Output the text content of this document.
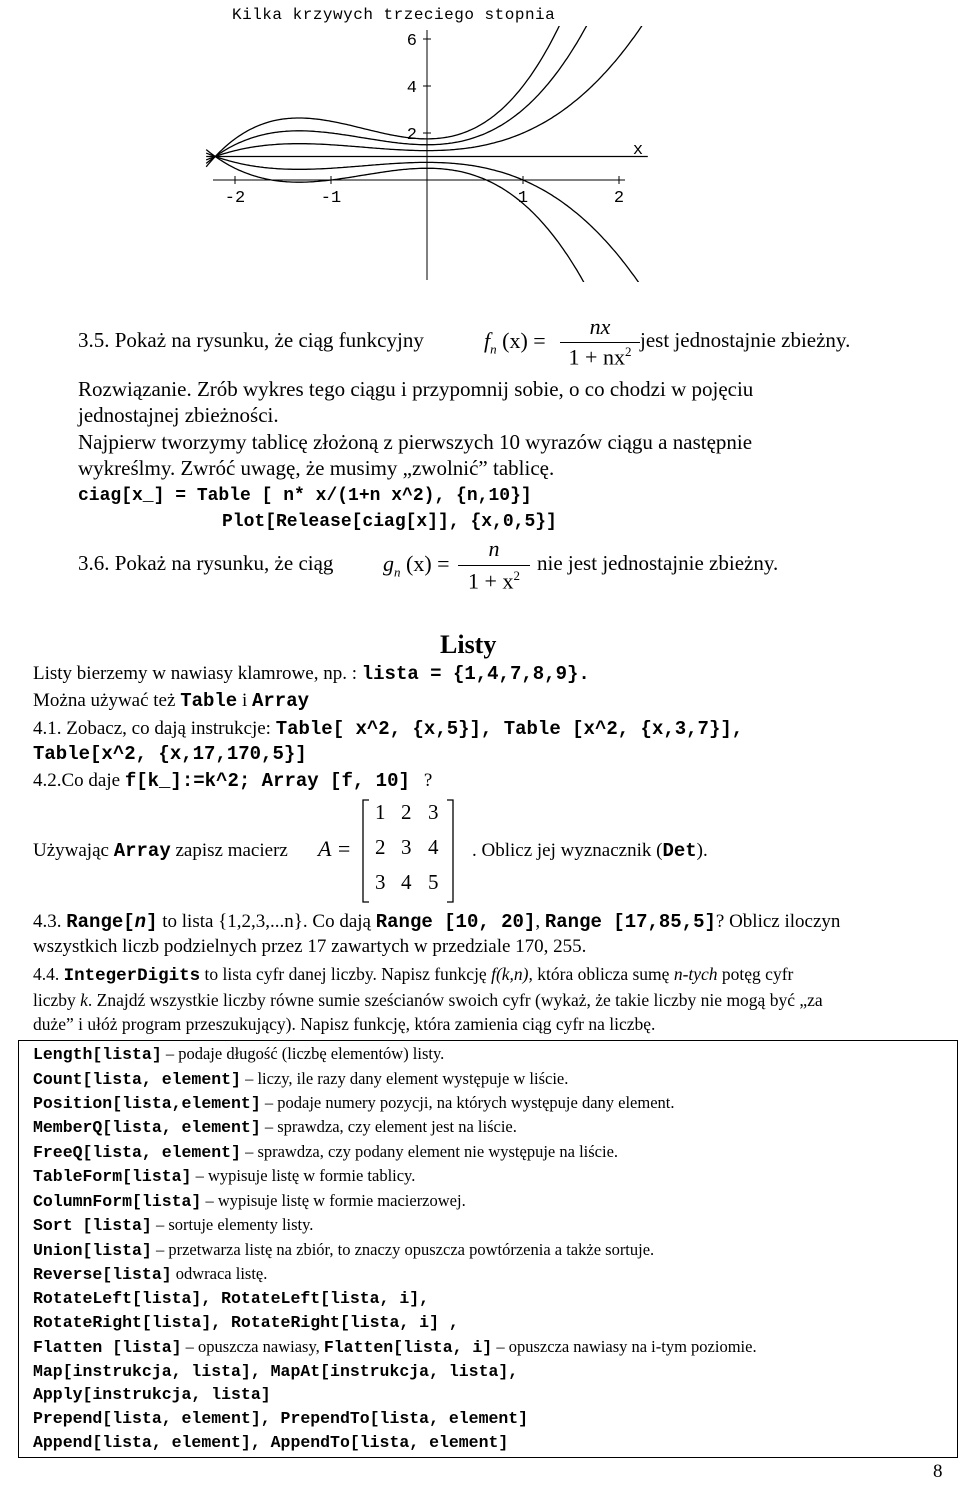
-2	-1	1	2
6
4
2
x
Kilka krzywych trzeciego stopnia
3.5. Pokaż na rysunku, że ciąg funkcyjny	$f_n$ (x) =
nx
$1 + nx^2$ jest jednostajnie zbieżny.
Rozwiązanie. Zrób wykres tego ciągu i przypomnij sobie, o co chodzi w pojęciu
jednostajnej zbieżności.
Najpierw tworzymy tablicę złożoną z pierwszych 10 wyrazów ciągu a następnie
wykreślmy. Zwróć uwagę, że musimy „zwolnić” tablicę.
ciag[x_] = Table [ n* x/(1+n x^2), {n,10}]
Plot[Release[ciag[x]], {x,0,5}]
3.6. Pokaż na rysunku, że ciąg $g_n$ (x) =
n
$1 + x^2$
nie jest jednostajnie zbieżny.
Listy
Listy bierzemy w nawiasy klamrowe, np. : lista = {1,4,7,8,9}.
Można używać też Table i Array
4.1. Zobacz, co dają instrukcje: Table[ x^2, {x,5}], Table [x^2, {x,3,7}],
Table[x^2, {x,17,170,5}]
4.2.Co daje f[k_]:=k^2; Array [f, 10] ?
Używając Array zapisz macierz A =
1 2 3
2 3 4
3 4 5
. Oblicz jej wyznacznik (Det).
4.3. Range[n] to lista {1,2,3,...n}. Co dają Range [10, 20], Range [17,85,5]? Oblicz iloczyn
wszystkich liczb podzielnych przez 17 zawartych w przedziale 170, 255.
4.4. IntegerDigits to lista cyfr danej liczby. Napisz funkcję f(k,n), która oblicza sumę n-tych potęg cyfr
liczby k. Znajdź wszystkie liczby równe sumie sześcianów swoich cyfr (wykaż, że takie liczby nie mogą być „za
duże” i ułóż program przeszukujący). Napisz funkcję, która zamienia ciąg cyfr na liczbę.
Length[lista] – podaje długość (liczbę elementów) listy.
Count[lista, element] – liczy, ile razy dany element występuje w liście.
Position[lista,element] – podaje numery pozycji, na których występuje dany element.
MemberQ[lista, element] – sprawdza, czy element jest na liście.
FreeQ[lista, element] – sprawdza, czy podany element nie występuje na liście.
TableForm[lista] – wypisuje listę w formie tablicy.
ColumnForm[lista] – wypisuje listę w formie macierzowej.
Sort [lista] – sortuje elementy listy.
Union[lista] – przetwarza listę na zbiór, to znaczy opuszcza powtórzenia a także sortuje.
Reverse[lista] odwraca listę.
RotateLeft[lista], RotateLeft[lista, i],
RotateRight[lista], RotateRight[lista, i] ,
Flatten [lista] – opuszcza nawiasy, Flatten[lista, i] – opuszcza nawiasy na i-tym poziomie.
Map[instrukcja, lista], MapAt[instrukcja, lista],
Apply[instrukcja, lista]
Prepend[lista, element], PrependTo[lista, element]
Append[lista, element], AppendTo[lista, element]
8
